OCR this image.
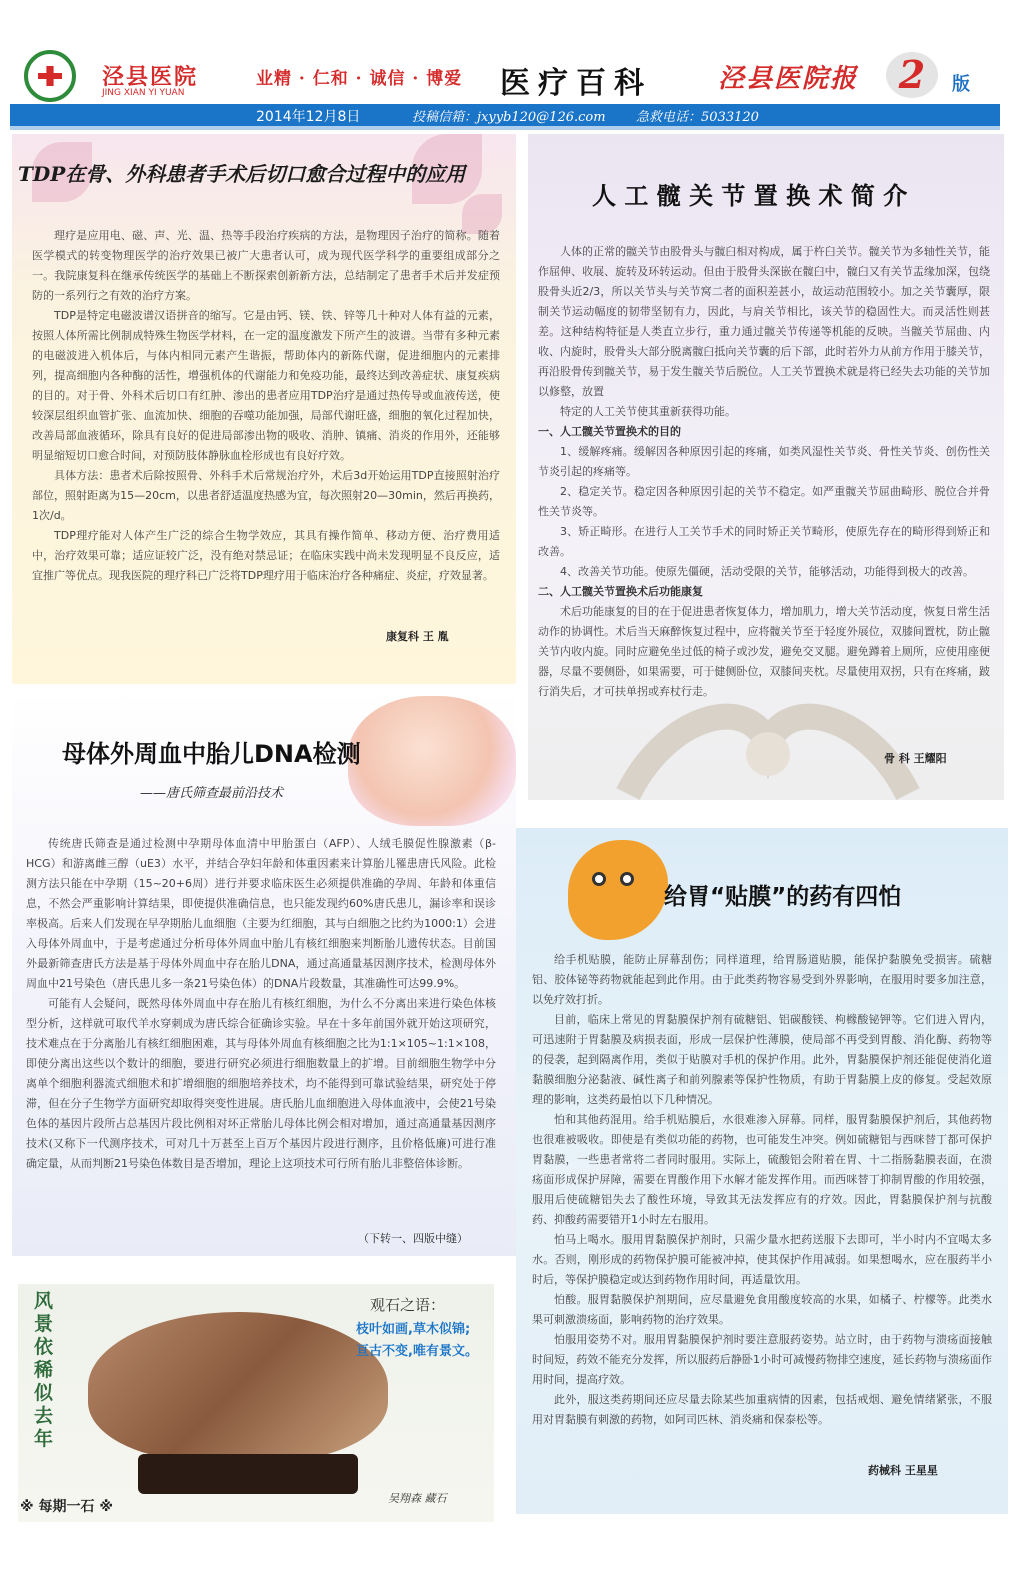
泾县医院
JING XIAN YI YUAN
业精 · 仁和 · 诚信 · 博爱 医疗百科	泾县医院报	2	版
2014年12月8日	投稿信箱：jxyyb120@126.com 急救电话：5033120
TDP在骨、外科患者手术后切口愈合过程中的应用

理疗是应用电、磁、声、光、温、热等手段治疗疾病的方法，是物理因子治疗的简称。随着医学模式的转变物理医学的治疗效果已被广大患者认可，成为现代医学科学的重要组成部分之一。我院康复科在继承传统医学的基础上不断探索创新新方法，总结制定了患者手术后并发症预防的一系列行之有效的治疗方案。

TDP是特定电磁波谱汉语拼音的缩写。它是由钙、镁、铁、锌等几十种对人体有益的元素，按照人体所需比例制成特殊生物医学材料，在一定的温度激发下所产生的波谱。当带有多种元素的电磁波进入机体后，与体内相同元素产生谐振，帮助体内的新陈代谢，促进细胞内的元素排列，提高细胞内各种酶的活性，增强机体的代谢能力和免疫功能，最终达到改善症状、康复疾病的目的。对于骨、外科术后切口有红肿、渗出的患者应用TDP治疗是通过热传导或血液传送，使较深层组织血管扩张、血流加快、细胞的吞噬功能加强，局部代谢旺盛，细胞的氧化过程加快，改善局部血液循环，除具有良好的促进局部渗出物的吸收、消肿、镇痛、消炎的作用外，还能够明显缩短切口愈合时间，对预防肢体静脉血栓形成也有良好疗效。

具体方法：患者术后除按照骨、外科手术后常规治疗外，术后3d开始运用TDP直接照射治疗部位，照射距离为15—20cm，以患者舒适温度热感为宜，每次照射20—30min，然后再换药，1次/d。

TDP理疗能对人体产生广泛的综合生物学效应，其具有操作简单、移动方便、治疗费用适中，治疗效果可靠；适应证较广泛，没有绝对禁忌证；在临床实践中尚未发现明显不良反应，适宜推广等优点。现我医院的理疗科已广泛将TDP理疗用于临床治疗各种痛症、炎症，疗效显著。

康复科 王 胤
人 工 髋 关 节 置 换 术 简 介

人体的正常的髋关节由股骨头与髋臼相对构成，属于杵臼关节。髋关节为多轴性关节，能作屈伸、收展、旋转及环转运动。但由于股骨头深嵌在髋臼中，髋臼又有关节盂缘加深，包绕股骨头近2/3，所以关节头与关节窝二者的面积差甚小，故运动范围较小。加之关节囊厚，限制关节运动幅度的韧带坚韧有力，因此，与肩关节相比，该关节的稳固性大。而灵活性则甚差。这种结构特征是人类直立步行，重力通过髋关节传递等机能的反映。当髋关节屈曲、内收、内旋时，股骨头大部分脱离髋臼抵向关节囊的后下部，此时若外力从前方作用于膝关节，再沿股骨传到髋关节，易于发生髋关节后脱位。人工关节置换术就是将已经失去功能的关节加以修整，放置

特定的人工关节使其重新获得功能。

一、人工髋关节置换术的目的

1、缓解疼痛。缓解因各种原因引起的疼痛，如类风湿性关节炎、骨性关节炎、创伤性关节炎引起的疼痛等。

2、稳定关节。稳定因各种原因引起的关节不稳定。如严重髋关节屈曲畸形、脱位合并骨性关节炎等。

3、矫正畸形。在进行人工关节手术的同时矫正关节畸形，使原先存在的畸形得到矫正和改善。

4、改善关节功能。使原先僵硬，活动受限的关节，能够活动，功能得到极大的改善。

二、人工髋关节置换术后功能康复

术后功能康复的目的在于促进患者恢复体力，增加肌力，增大关节活动度，恢复日常生活动作的协调性。术后当天麻醉恢复过程中，应将髋关节至于轻度外展位，双膝间置枕，防止髋关节内收内旋。同时应避免坐过低的椅子或沙发，避免交叉腿。避免蹲着上厕所，应使用座便器，尽量不要侧卧，如果需要，可于健侧卧位，双膝间夹枕。尽量使用双拐，只有在疼痛，跛行消失后，才可扶单拐或弃杖行走。

骨 科 王耀阳
母体外周血中胎儿DNA检测
——唐氏筛查最前沿技术

传统唐氏筛查是通过检测中孕期母体血清中甲胎蛋白（AFP）、人绒毛膜促性腺激素（β-HCG）和游离雌三醇（uE3）水平，并结合孕妇年龄和体重因素来计算胎儿罹患唐氏风险。此检测方法只能在中孕期（15~20+6周）进行并要求临床医生必须提供准确的孕周、年龄和体重信息，不然会严重影响计算结果，即使提供准确信息，也只能发现约60%唐氏患儿，漏诊率和误诊率极高。后来人们发现在早孕期胎儿血细胞（主要为红细胞，其与白细胞之比约为1000:1）会进入母体外周血中，于是考虑通过分析母体外周血中胎儿有核红细胞来判断胎儿遗传状态。目前国外最新筛查唐氏方法是基于母体外周血中存在胎儿DNA，通过高通量基因测序技术，检测母体外周血中21号染色（唐氏患儿多一条21号染色体）的DNA片段数量，其准确性可达99.9%。

可能有人会疑问，既然母体外周血中存在胎儿有核红细胞，为什么不分离出来进行染色体核型分析，这样就可取代羊水穿刺成为唐氏综合征确诊实验。早在十多年前国外就开始这项研究，技术难点在于分离胎儿有核红细胞困难，其与母体外周血有核细胞之比为1:1×105~1:1×108，即使分离出这些以个数计的细胞，要进行研究必须进行细胞数量上的扩增。目前细胞生物学中分离单个细胞利器流式细胞术和扩增细胞的细胞培养技术，均不能得到可靠试验结果，研究处于停滞，但在分子生物学方面研究却取得突变性进展。唐氏胎儿血细胞进入母体血液中，会使21号染色体的基因片段所占总基因片段比例相对坏正常胎儿母体比例会相对增加，通过高通量基因测序技术(又称下一代测序技术，可对几十万甚至上百万个基因片段进行测序，且价格低廉)可进行准确定量，从而判断21号染色体数目是否增加，理论上这项技术可行所有胎儿非整倍体诊断。

（下转一、四版中缝）
给胃“贴膜”的药有四怕

给手机贴膜，能防止屏幕刮伤；同样道理，给胃肠道贴膜，能保护黏膜免受损害。硫糖铝、胶体铋等药物就能起到此作用。由于此类药物容易受到外界影响，在服用时要多加注意，以免疗效打折。

目前，临床上常见的胃黏膜保护剂有硫糖铝、铝碳酸镁、枸橼酸铋钾等。它们进入胃内，可迅速附于胃黏膜及病损表面，形成一层保护性薄膜，使局部不再受到胃酸、消化酶、药物等的侵袭，起到隔离作用，类似于贴膜对手机的保护作用。此外，胃黏膜保护剂还能促使消化道黏膜细胞分泌黏液、碱性离子和前列腺素等保护性物质，有助于胃黏膜上皮的修复。受起效原理的影响，这类药最怕以下几种情况。

怕和其他药混用。给手机贴膜后，水很难渗入屏幕。同样，服胃黏膜保护剂后，其他药物也很难被吸收。即使是有类似功能的药物，也可能发生冲突。例如硫糖铝与西咪替丁都可保护胃黏膜，一些患者常将二者同时服用。实际上，硫酸铝会附着在胃、十二指肠黏膜表面，在溃疡面形成保护屏障，需要在胃酸作用下水解才能发挥作用。而西咪替丁抑制胃酸的作用较强，服用后使硫糖铝失去了酸性环境，导致其无法发挥应有的疗效。因此，胃黏膜保护剂与抗酸药、抑酸药需要错开1小时左右服用。

怕马上喝水。服用胃黏膜保护剂时，只需少量水把药送服下去即可，半小时内不宜喝太多水。否则，刚形成的药物保护膜可能被冲掉，使其保护作用减弱。如果想喝水，应在服药半小时后，等保护膜稳定或达到药物作用时间，再适量饮用。

怕酸。服胃黏膜保护剂期间，应尽量避免食用酸度较高的水果，如橘子、柠檬等。此类水果可刺激溃疡面，影响药物的治疗效果。

怕服用姿势不对。服用胃黏膜保护剂时要注意服药姿势。站立时，由于药物与溃疡面接触时间短，药效不能充分发挥，所以服药后静卧1小时可减慢药物排空速度，延长药物与溃疡面作用时间，提高疗效。

此外，服这类药期间还应尽量去除某些加重病情的因素，包括戒烟、避免情绪紧张，不服用对胃黏膜有刺激的药物，如阿司匹林、消炎痛和保泰松等。

药械科 王星星
风景依稀似去年
观石之语：
枝叶如画,草木似锦;
亘古不变,唯有景文。
吴翔森 藏石
※ 每期一石 ※
